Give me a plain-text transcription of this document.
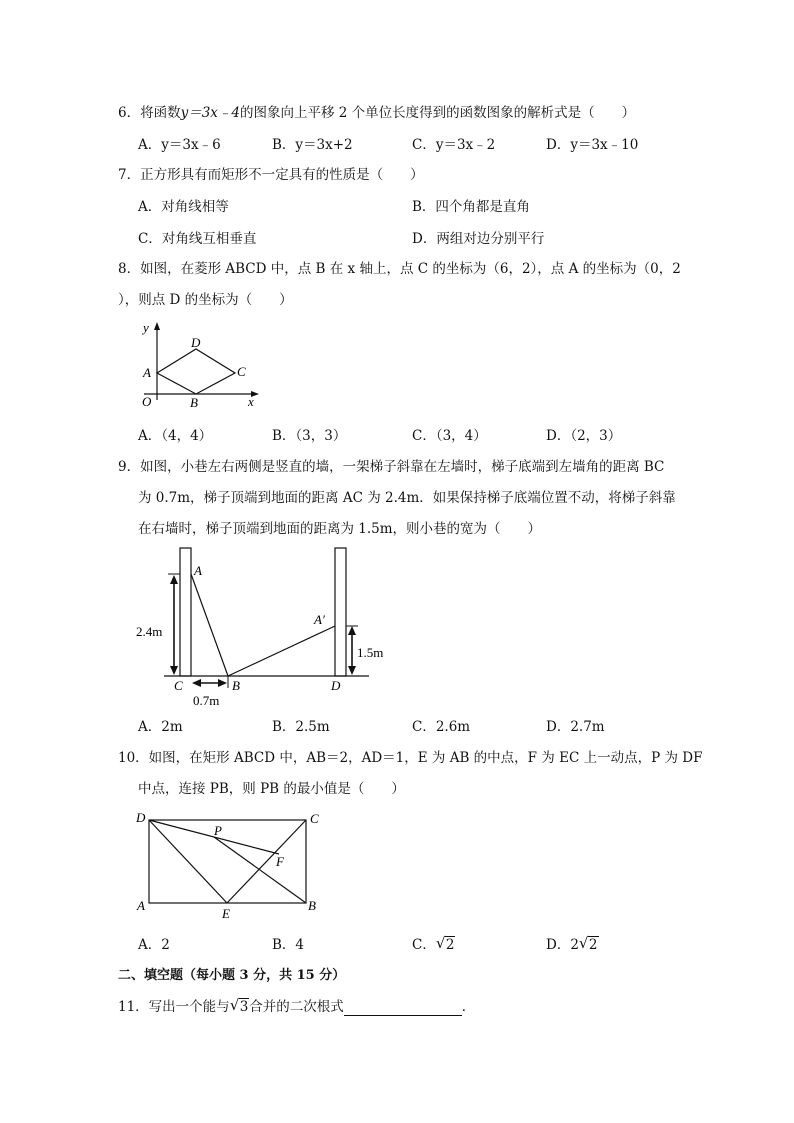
6．将函数y＝3x﹣4的图象向上平移 2 个单位长度得到的函数图象的解析式是（　　）
A．y＝3x﹣6	B．y＝3x+2	C．y＝3x﹣2	D．y＝3x﹣10
7．正方形具有而矩形不一定具有的性质是（　　）
A．对角线相等	B．四个角都是直角
C．对角线互相垂直	D．两组对边分别平行
8．如图，在菱形 ABCD 中，点 B 在 x 轴上，点 C 的坐标为（6，2），点 A 的坐标为（0，2
），则点 D 的坐标为（　　）
y
x
O
A
D
C
B
A．（4，4）	B．（3，3）	C．（3，4）	D．（2，3）
9．如图，小巷左右两侧是竖直的墙，一架梯子斜靠在左墙时，梯子底端到左墙角的距离 BC
为 0.7m，梯子顶端到地面的距离 AC 为 2.4m．如果保持梯子底端位置不动，将梯子斜靠
在右墙时，梯子顶端到地面的距离为 1.5m，则小巷的宽为（　　）
A
A′
C	B	D
2.4m
0.7m
1.5m
A．2m	B．2.5m	C．2.6m	D．2.7m
10．如图，在矩形 ABCD 中，AB＝2，AD＝1，E 为 AB 的中点，F 为 EC 上一动点，P 为 DF
中点，连接 PB，则 PB 的最小值是（　　）
D	C
A	B
E
F
P
A．2	B．4	C． √ 2	D．2 √ 2
二、填空题（每小题 3 分，共 15 分）
11．写出一个能与 √ 3合并的二次根式	．
